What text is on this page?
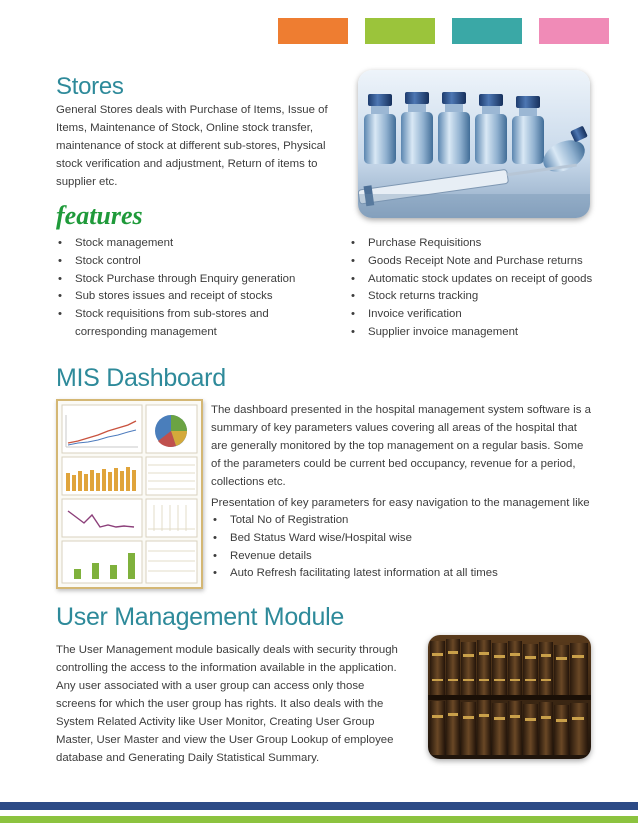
Stores

General Stores deals with Purchase of Items, Issue of Items, Maintenance of Stock, Online stock transfer, maintenance of stock at different sub-stores, Physical stock verification and adjustment, Return of items to supplier etc.

features

• Stock management
• Stock control
• Stock Purchase through Enquiry generation
• Sub stores issues and receipt of stocks
• Stock requisitions from sub-stores and corresponding management
• Purchase Requisitions
• Goods Receipt Note and Purchase returns
• Automatic stock updates on receipt of goods
• Stock returns tracking
• Invoice verification
• Supplier invoice management
MIS Dashboard

The dashboard presented in the hospital management system software is a summary of key parameters values covering all areas of the hospital that are generally monitored by the top management on a regular basis. Some of the parameters could be current bed occupancy, revenue for a period, collections etc.

Presentation of key parameters for easy navigation to the management like

• Total No of Registration
• Bed Status Ward wise/Hospital wise
• Revenue details
• Auto Refresh facilitating latest information at all times
User Management Module

The User Management module basically deals with security through controlling the access to the information available in the application. Any user associated with a user group can access only those screens for which the user group has rights. It also deals with the System Related Activity like User Monitor, Creating User Group Master, User Master and view the User Group Lookup of employee database and Generating Daily Statistical Summary.
